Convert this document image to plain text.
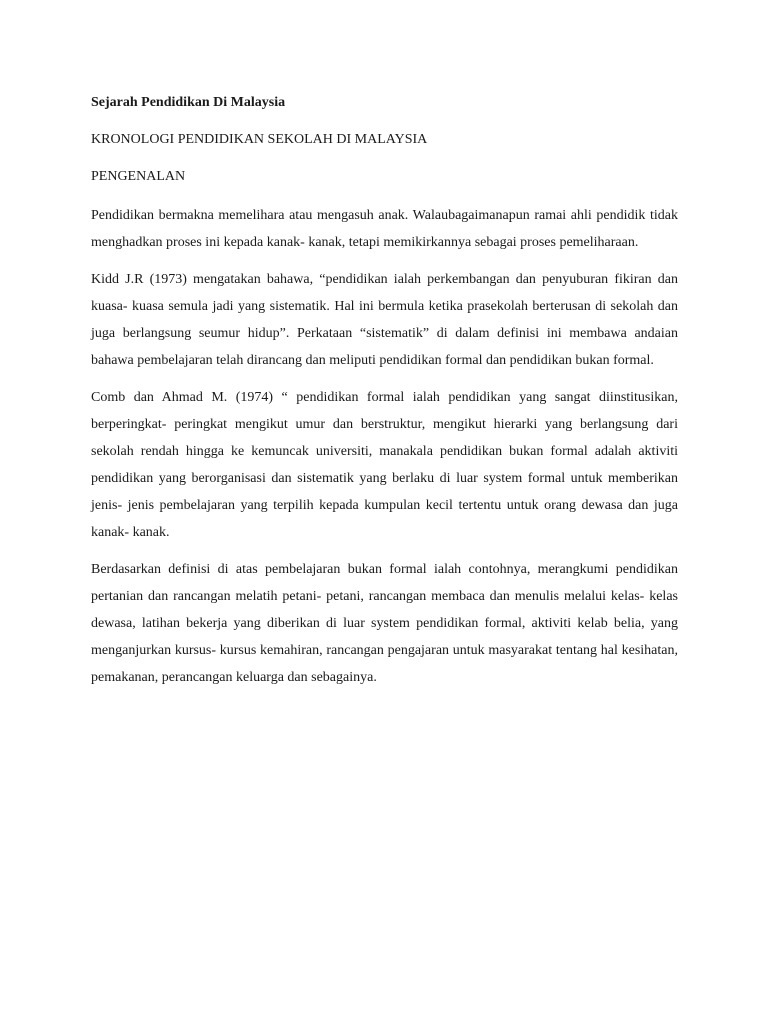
Sejarah Pendidikan Di Malaysia
KRONOLOGI PENDIDIKAN SEKOLAH DI MALAYSIA
PENGENALAN

Pendidikan bermakna memelihara atau mengasuh anak. Walaubagaimanapun ramai ahli pendidik tidak menghadkan proses ini kepada kanak- kanak, tetapi memikirkannya sebagai proses pemeliharaan.

Kidd J.R (1973) mengatakan bahawa, “pendidikan ialah perkembangan dan penyuburan fikiran dan kuasa- kuasa semula jadi yang sistematik. Hal ini bermula ketika prasekolah berterusan di sekolah dan juga berlangsung seumur hidup”. Perkataan “sistematik” di dalam definisi ini membawa andaian bahawa pembelajaran telah dirancang dan meliputi pendidikan formal dan pendidikan bukan formal.

Comb dan Ahmad M. (1974) “ pendidikan formal ialah pendidikan yang sangat diinstitusikan, berperingkat- peringkat mengikut umur dan berstruktur, mengikut hierarki yang berlangsung dari sekolah rendah hingga ke kemuncak universiti, manakala pendidikan bukan formal adalah aktiviti pendidikan yang berorganisasi dan sistematik yang berlaku di luar system formal untuk memberikan jenis- jenis pembelajaran yang terpilih kepada kumpulan kecil tertentu untuk orang dewasa dan juga kanak- kanak.

Berdasarkan definisi di atas pembelajaran bukan formal ialah contohnya, merangkumi pendidikan pertanian dan rancangan melatih petani- petani, rancangan membaca dan menulis melalui kelas- kelas dewasa, latihan bekerja yang diberikan di luar system pendidikan formal, aktiviti kelab belia, yang menganjurkan kursus- kursus kemahiran, rancangan pengajaran untuk masyarakat tentang hal kesihatan, pemakanan, perancangan keluarga dan sebagainya.
